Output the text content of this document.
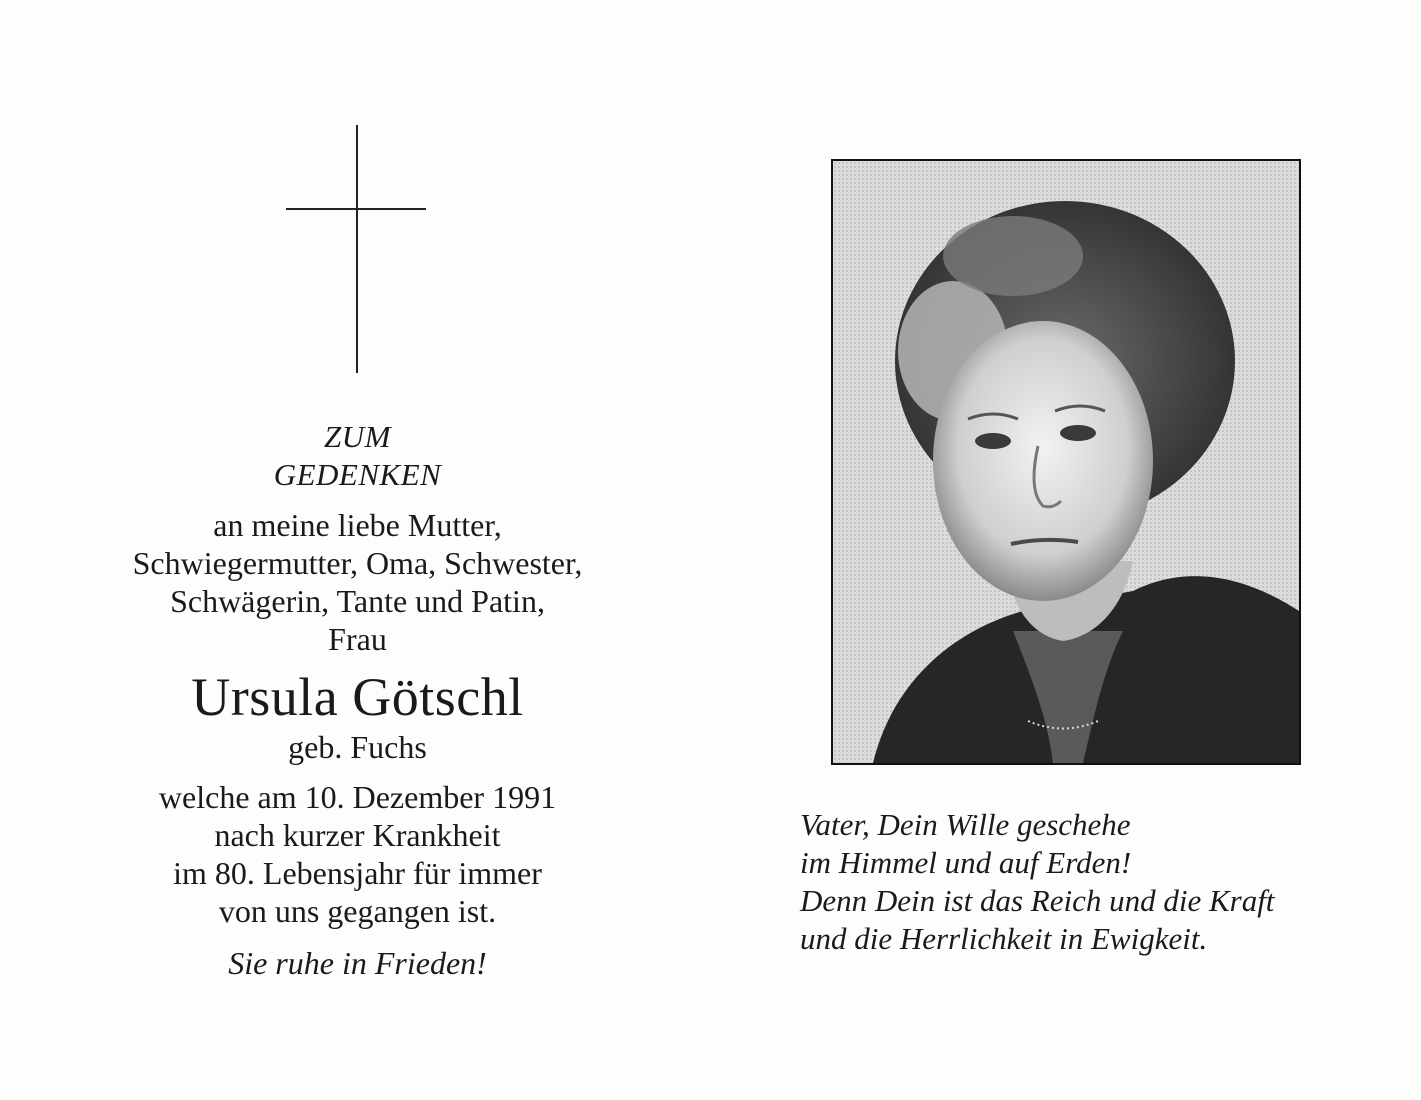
ZUM
GEDENKEN
an meine liebe Mutter,
Schwiegermutter, Oma, Schwester,
Schwägerin, Tante und Patin,
Frau
Ursula Götschl
geb. Fuchs
welche am 10. Dezember 1991
nach kurzer Krankheit
im 80. Lebensjahr für immer
von uns gegangen ist.
Sie ruhe in Frieden!
Vater, Dein Wille geschehe
im Himmel und auf Erden!
Denn Dein ist das Reich und die Kraft
und die Herrlichkeit in Ewigkeit.
